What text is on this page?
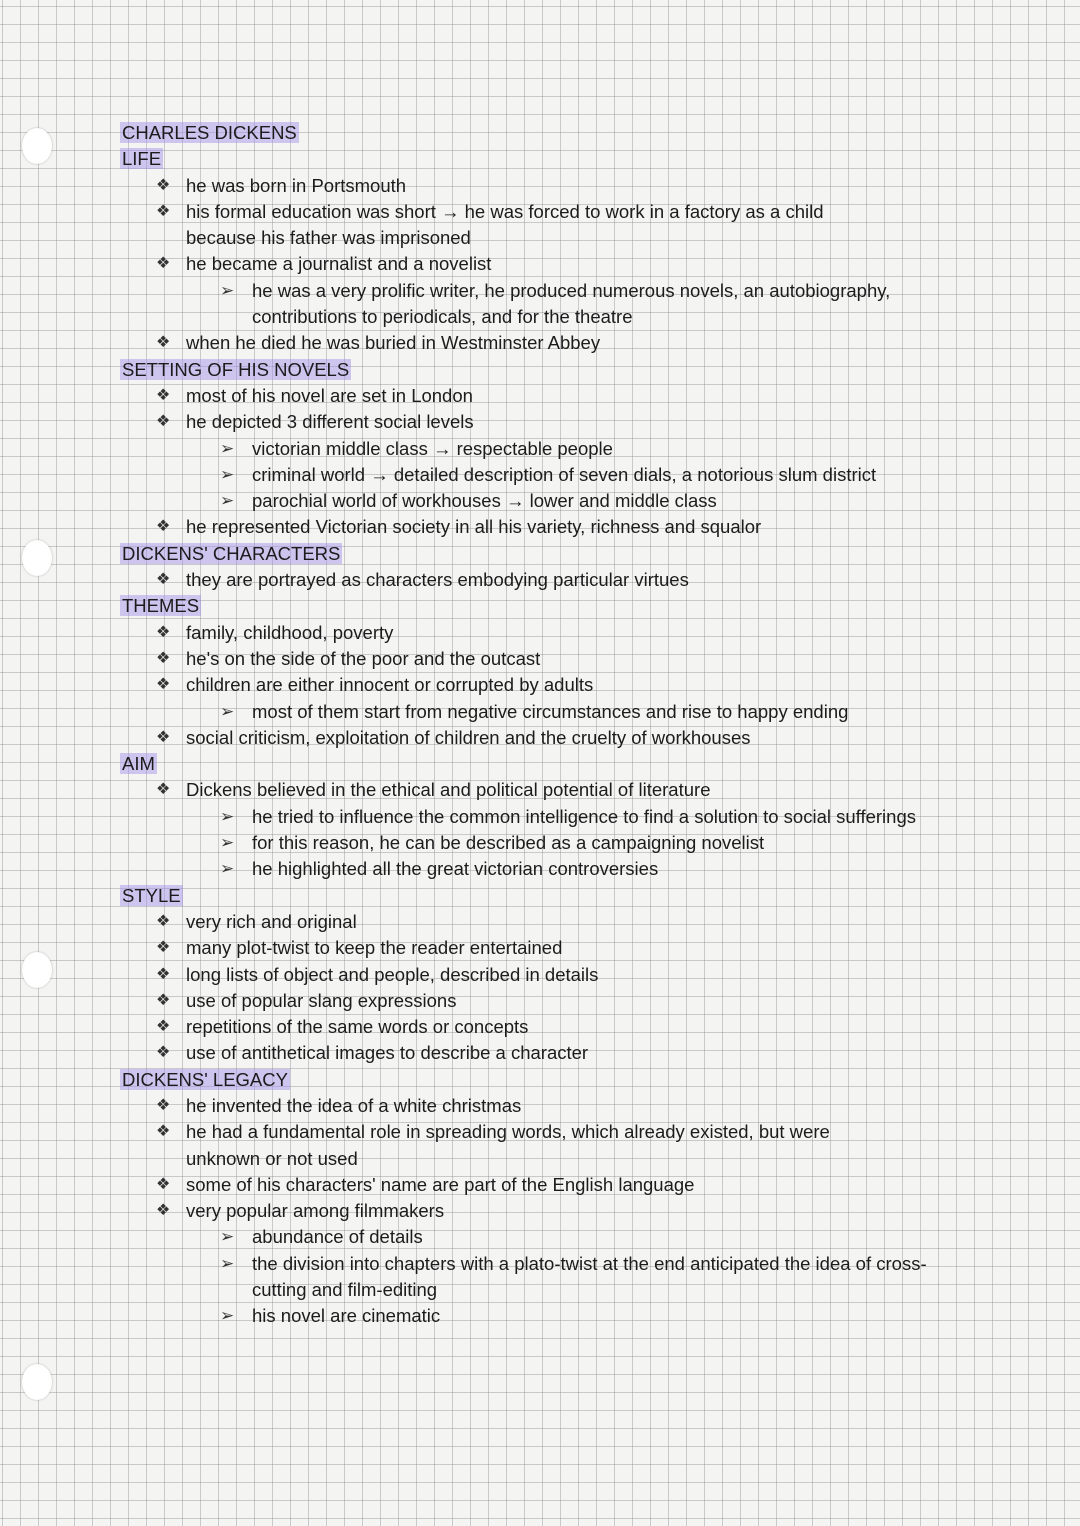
CHARLES DICKENS
LIFE
❖ he was born in Portsmouth
❖ his formal education was short → he was forced to work in a factory as a child because his father was imprisoned
❖ he became a journalist and a novelist
➢ he was a very prolific writer, he produced numerous novels, an autobiography, contributions to periodicals, and for the theatre
❖ when he died he was buried in Westminster Abbey
SETTING OF HIS NOVELS
❖ most of his novel are set in London
❖ he depicted 3 different social levels
➢ victorian middle class → respectable people
➢ criminal world → detailed description of seven dials, a notorious slum district
➢ parochial world of workhouses → lower and middle class
❖ he represented Victorian society in all his variety, richness and squalor
DICKENS' CHARACTERS
❖ they are portrayed as characters embodying particular virtues
THEMES
❖ family, childhood, poverty
❖ he's on the side of the poor and the outcast
❖ children are either innocent or corrupted by adults
➢ most of them start from negative circumstances and rise to happy ending
❖ social criticism, exploitation of children and the cruelty of workhouses
AIM
❖ Dickens believed in the ethical and political potential of literature
➢ he tried to influence the common intelligence to find a solution to social sufferings
➢ for this reason, he can be described as a campaigning novelist
➢ he highlighted all the great victorian controversies
STYLE
❖ very rich and original
❖ many plot-twist to keep the reader entertained
❖ long lists of object and people, described in details
❖ use of popular slang expressions
❖ repetitions of the same words or concepts
❖ use of antithetical images to describe a character
DICKENS' LEGACY
❖ he invented the idea of a white christmas
❖ he had a fundamental role in spreading words, which already existed, but were unknown or not used
❖ some of his characters' name are part of the English language
❖ very popular among filmmakers
➢ abundance of details
➢ the division into chapters with a plato-twist at the end anticipated the idea of cross-cutting and film-editing
➢ his novel are cinematic
